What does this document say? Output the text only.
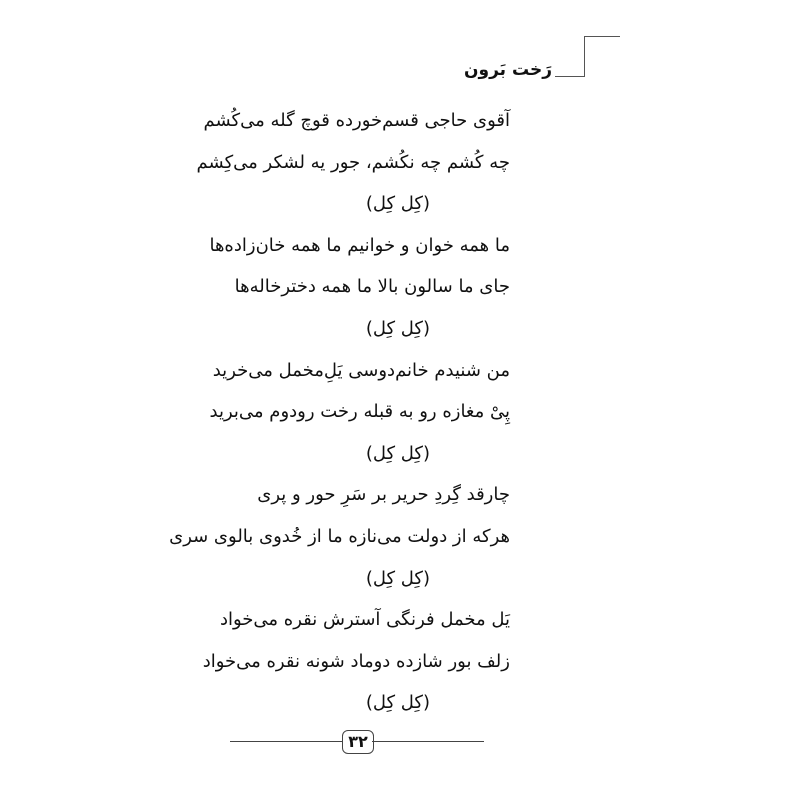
رَخت بَرون
آقوی حاجی قسم‌خورده قوچ گله می‌کُشم
چه کُشم چه نکُشم، جور یه لشکر می‌کِشم
(کِل کِل)
ما همه خوان و خوانیم ما همه خان‌زاده‌ها
جای ما سالون بالا ما همه دخترخاله‌ها
(کِل کِل)
من شنیدم خانم‌دوسی یَلِ‌مخمل می‌خرید
پِیْ مغازه رو به قبله رخت رودوم می‌برید
(کِل کِل)
چارقد گِردِ حریر بر سَرِ حور و پری
هرکه از دولت می‌نازه ما از خُدوی بالوی سری
(کِل کِل)
یَل مخمل فرنگی آسترش نقره می‌خواد
زلف بور شازده دوماد شونه نقره می‌خواد
(کِل کِل)
۳۲
